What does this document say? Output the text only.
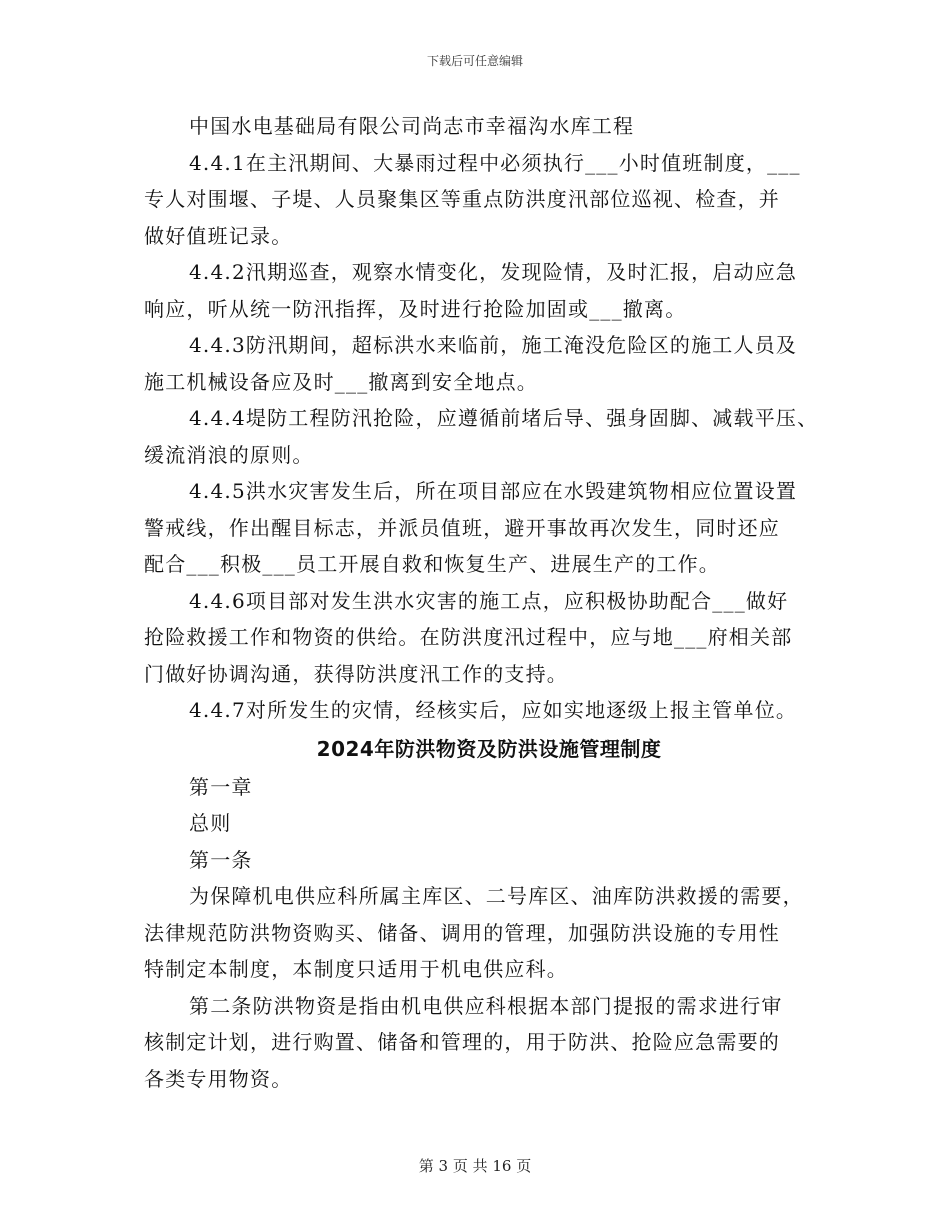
下载后可任意编辑
中国水电基础局有限公司尚志市幸福沟水库工程
4.4.1在主汛期间、大暴雨过程中必须执行___小时值班制度，___
专人对围堰、子堤、人员聚集区等重点防洪度汛部位巡视、检查，并
做好值班记录。
4.4.2汛期巡查，观察水情变化，发现险情，及时汇报，启动应急
响应，听从统一防汛指挥，及时进行抢险加固或___撤离。
4.4.3防汛期间，超标洪水来临前，施工淹没危险区的施工人员及
施工机械设备应及时___撤离到安全地点。
4.4.4堤防工程防汛抢险，应遵循前堵后导、强身固脚、减载平压、
缓流消浪的原则。
4.4.5洪水灾害发生后，所在项目部应在水毁建筑物相应位置设置
警戒线，作出醒目标志，并派员值班，避开事故再次发生，同时还应
配合___积极___员工开展自救和恢复生产、进展生产的工作。
4.4.6项目部对发生洪水灾害的施工点，应积极协助配合___做好
抢险救援工作和物资的供给。在防洪度汛过程中，应与地___府相关部
门做好协调沟通，获得防洪度汛工作的支持。
4.4.7对所发生的灾情，经核实后，应如实地逐级上报主管单位。
2024年防洪物资及防洪设施管理制度
第一章
总则
第一条
为保障机电供应科所属主库区、二号库区、油库防洪救援的需要，
法律规范防洪物资购买、储备、调用的管理，加强防洪设施的专用性
特制定本制度，本制度只适用于机电供应科。
第二条防洪物资是指由机电供应科根据本部门提报的需求进行审
核制定计划，进行购置、储备和管理的，用于防洪、抢险应急需要的
各类专用物资。
第 3 页 共 16 页
